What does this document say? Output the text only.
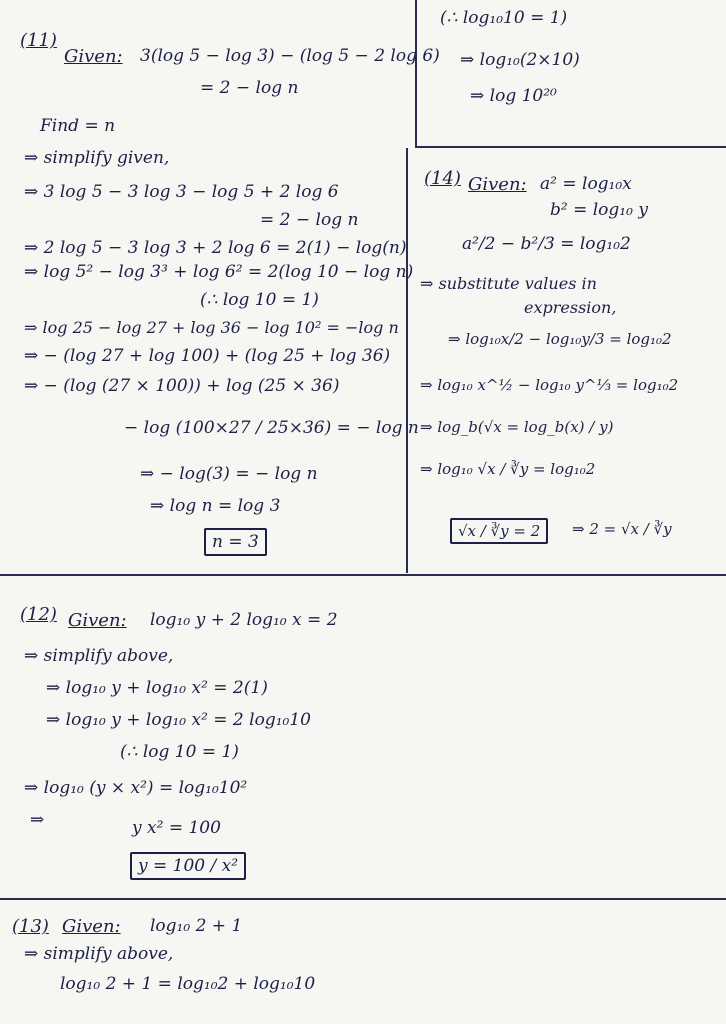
(∴ log₁₀10 = 1)
⇒ log₁₀(2×10)
⇒ log 10²⁰
(11)
Given: 3(log 5 − log 3) − (log 5 − 2 log 6)
= 2 − log n
Find = n
⇒ simplify given,
⇒ 3 log 5 − 3 log 3 − log 5 + 2 log 6
= 2 − log n
⇒ 2 log 5 − 3 log 3 + 2 log 6 = 2(1) − log(n)
⇒ log 5² − log 3³ + log 6² = 2(log 10 − log n)
(∴ log 10 = 1)
⇒ log 25 − log 27 + log 36 − log 10² = −log n
⇒ − (log 27 + log 100) + (log 25 + log 36)
⇒ − (log (27 × 100)) + log (25 × 36)
− log (100×27 / 25×36) = − log n
⇒ − log(3) = − log n
⇒ log n = log 3
n = 3
(14) Given: a² = log₁₀x
b² = log₁₀ y
a²/2 − b²/3 = log₁₀2
⇒ substitute values in
expression,
⇒ log₁₀x/2 − log₁₀y/3 = log₁₀2
⇒ log₁₀ x^½ − log₁₀ y^⅓ = log₁₀2
⇒ log_b(√x = log_b(x) / y)
⇒ log₁₀ √x / ∛y = log₁₀2
√x / ∛y = 2	⇒ 2 = √x / ∛y
(12) Given: log₁₀ y + 2 log₁₀ x = 2
⇒ simplify above,
⇒ log₁₀ y + log₁₀ x² = 2(1)
⇒ log₁₀ y + log₁₀ x² = 2 log₁₀10
(∴ log 10 = 1)
⇒ log₁₀ (y × x²) = log₁₀10²
⇒	y x² = 100
y = 100 / x²
(13) Given: log₁₀ 2 + 1
⇒ simplify above,
log₁₀ 2 + 1 = log₁₀2 + log₁₀10
